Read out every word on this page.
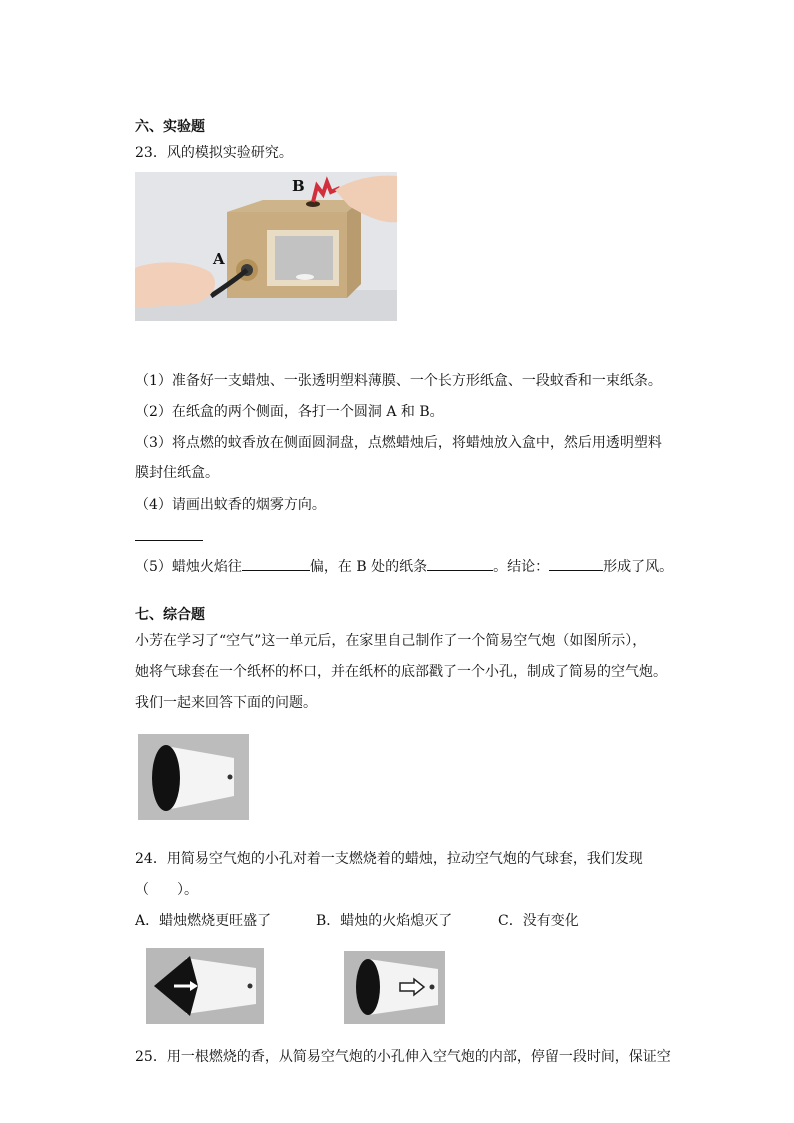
六、实验题
23．风的模拟实验研究。
A
B
（1）准备好一支蜡烛、一张透明塑料薄膜、一个长方形纸盒、一段蚊香和一束纸条。
（2）在纸盒的两个侧面，各打一个圆洞 A 和 B。
（3）将点燃的蚊香放在侧面圆洞盘，点燃蜡烛后，将蜡烛放入盒中，然后用透明塑料
膜封住纸盒。
（4）请画出蚊香的烟雾方向。
（5）蜡烛火焰往	偏，在 B 处的纸条	。结论：	形成了风。
七、综合题
小芳在学习了“空气”这一单元后，在家里自己制作了一个简易空气炮（如图所示），
她将气球套在一个纸杯的杯口，并在纸杯的底部戳了一个小孔，制成了简易的空气炮。
我们一起来回答下面的问题。
24．用简易空气炮的小孔对着一支燃烧着的蜡烛，拉动空气炮的气球套，我们发现
（　　）。
A．蜡烛燃烧更旺盛了	B．蜡烛的火焰熄灭了	C．没有变化
25．用一根燃烧的香，从简易空气炮的小孔伸入空气炮的内部，停留一段时间，保证空
